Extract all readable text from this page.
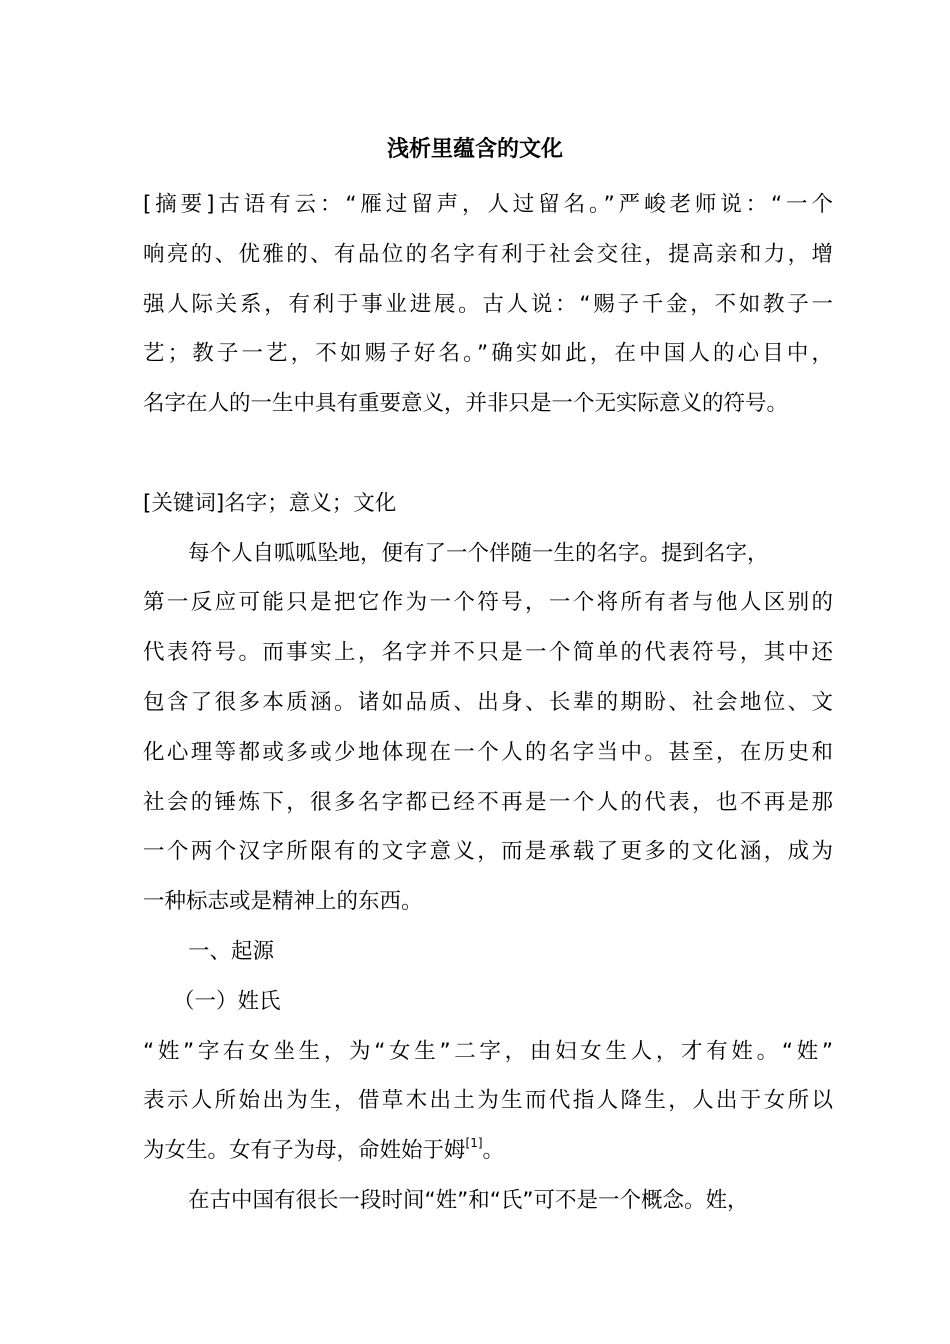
浅析里蕴含的文化
[摘要]古语有云：“雁过留声，人过留名。”严峻老师说：“一个
响亮的、优雅的、有品位的名字有利于社会交往，提高亲和力，增
强人际关系，有利于事业进展。古人说：“赐子千金，不如教子一
艺；教子一艺，不如赐子好名。”确实如此，在中国人的心目中，
名字在人的一生中具有重要意义，并非只是一个无实际意义的符号。
[关键词]名字；意义；文化
每个人自呱呱坠地，便有了一个伴随一生的名字。提到名字，
第一反应可能只是把它作为一个符号，一个将所有者与他人区别的
代表符号。而事实上，名字并不只是一个简单的代表符号，其中还
包含了很多本质涵。诸如品质、出身、长辈的期盼、社会地位、文
化心理等都或多或少地体现在一个人的名字当中。甚至，在历史和
社会的锤炼下，很多名字都已经不再是一个人的代表，也不再是那
一个两个汉字所限有的文字意义，而是承载了更多的文化涵，成为
一种标志或是精神上的东西。
一、起源
（一）姓氏
“姓”字右女坐生，为“女生”二字，由妇女生人，才有姓。“姓”
表示人所始出为生，借草木出土为生而代指人降生，人出于女所以
为女生。女有子为母，命姓始于姆[1]。
在古中国有很长一段时间“姓”和“氏”可不是一个概念。姓，
